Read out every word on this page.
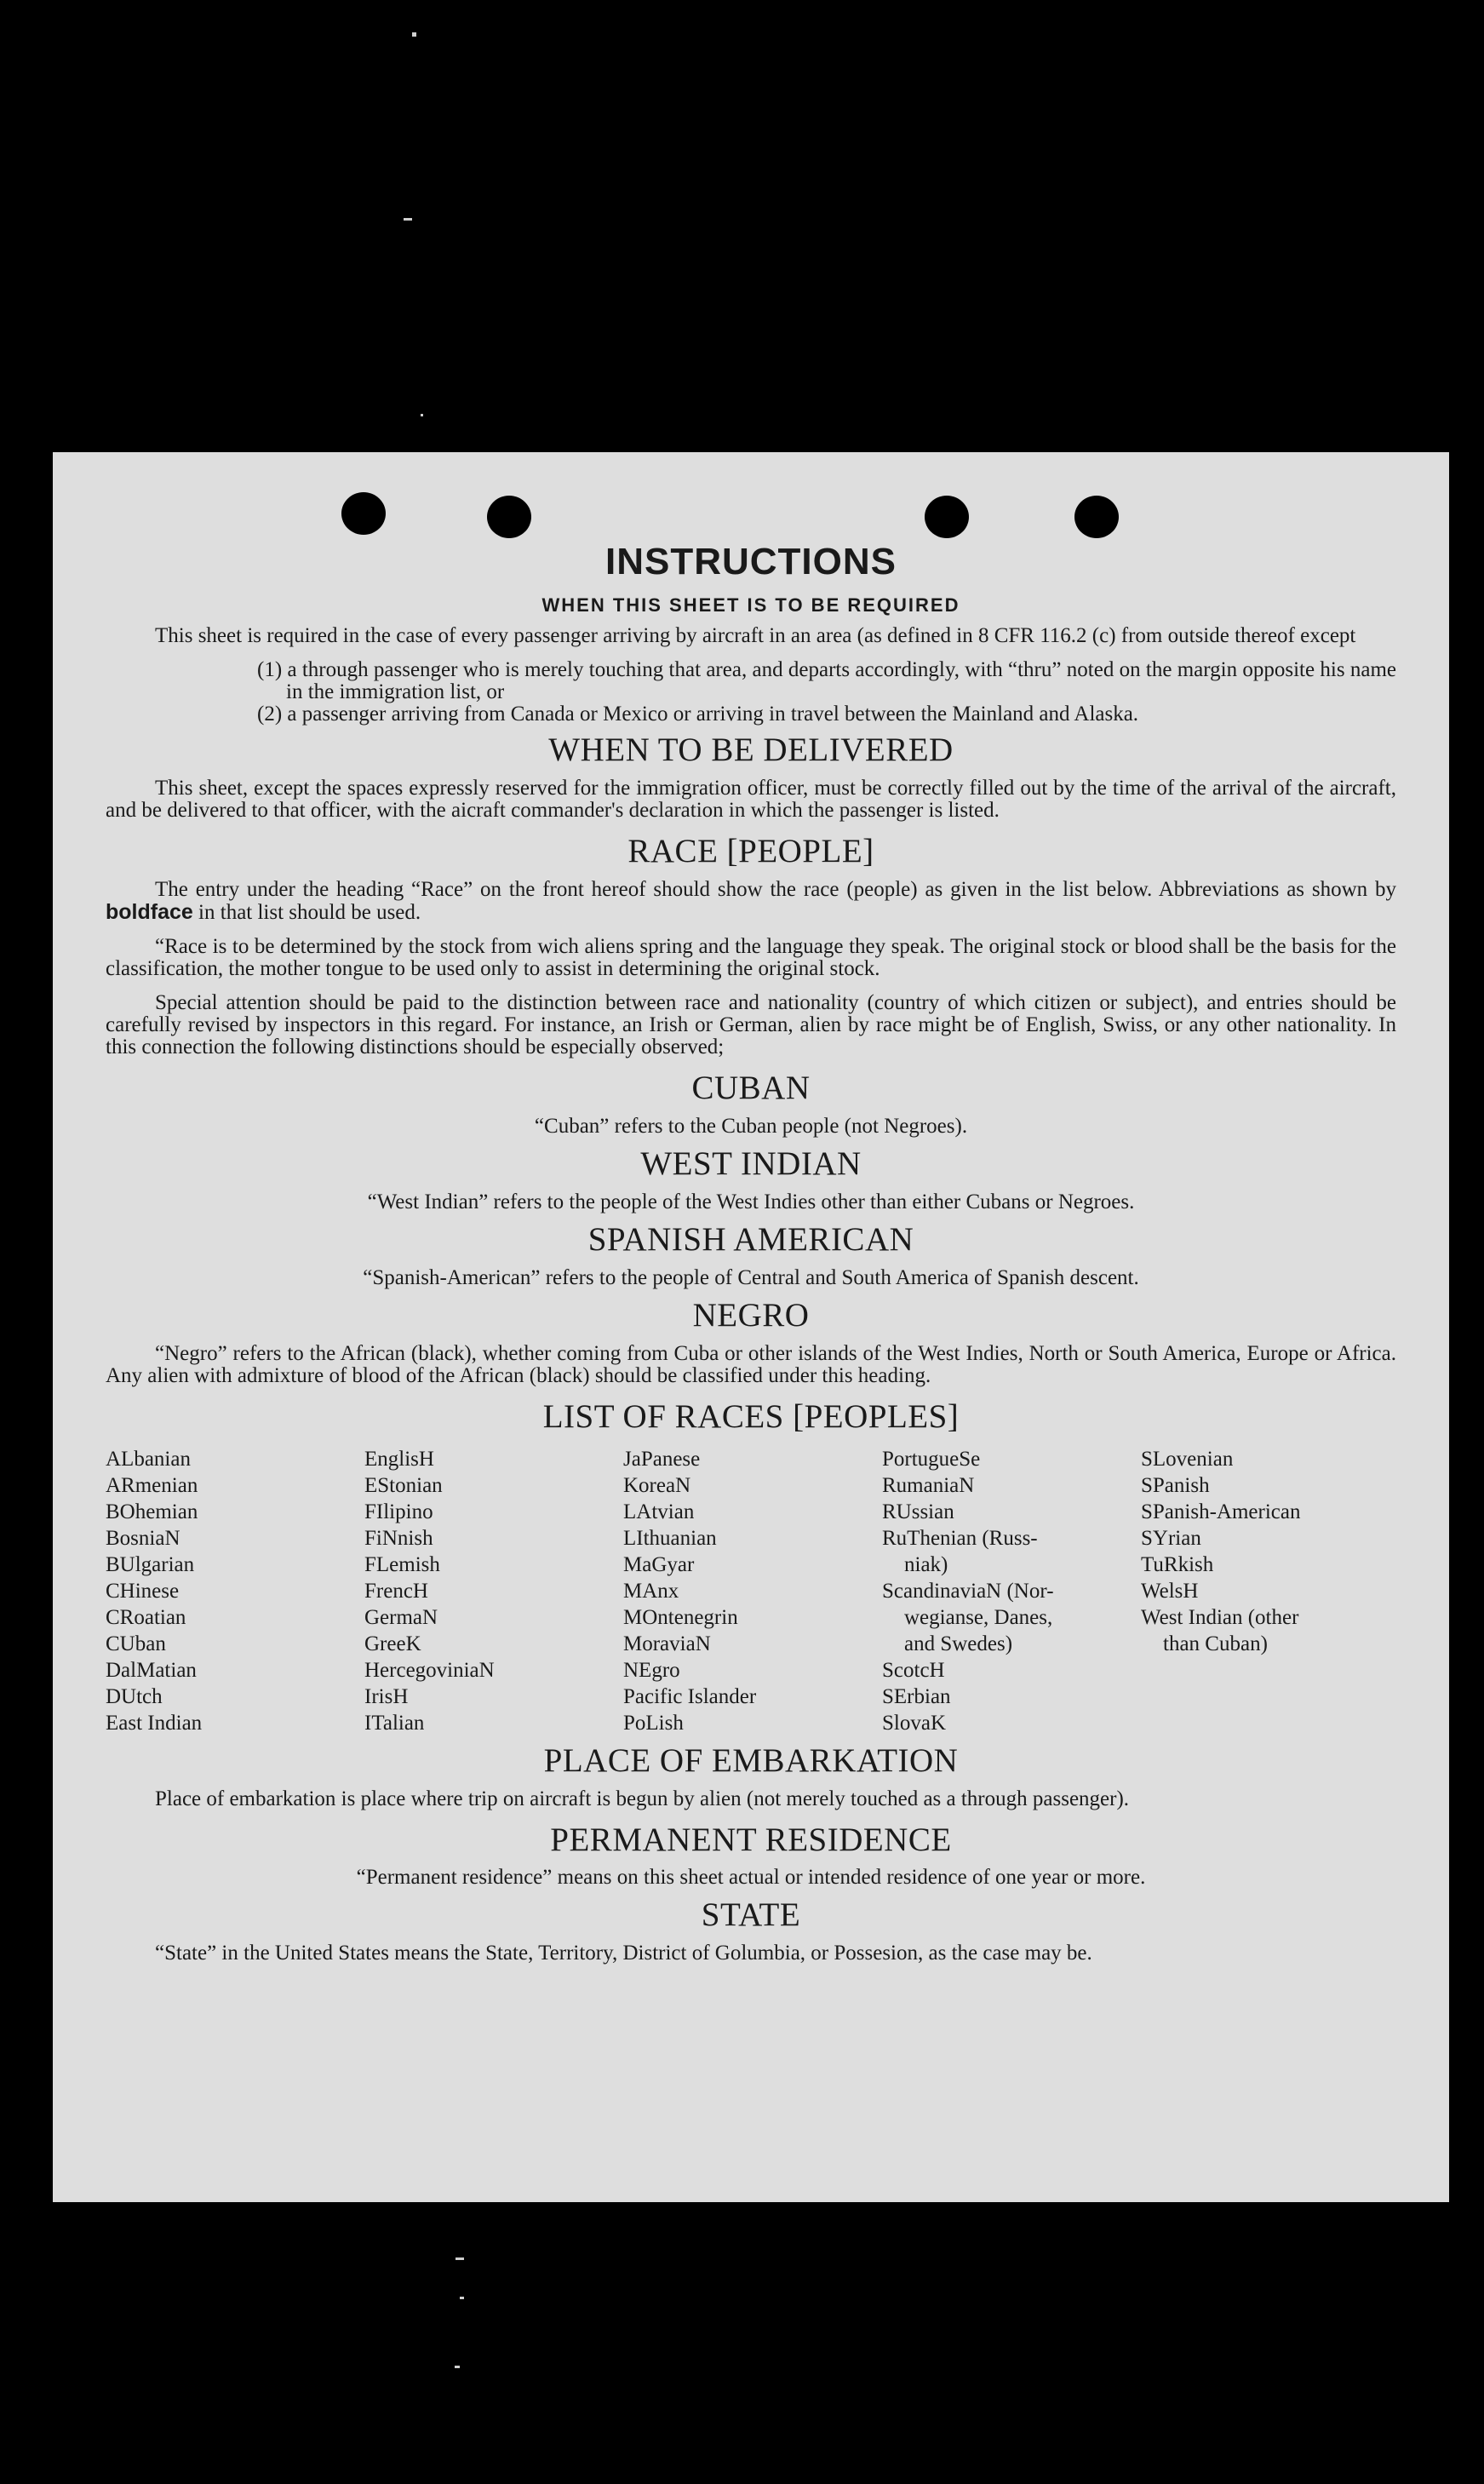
INSTRUCTIONS
WHEN THIS SHEET IS TO BE REQUIRED

This sheet is required in the case of every passenger arriving by aircraft in an area (as defined in 8 CFR 116.2 (c) from outside thereof except

(1) a through passenger who is merely touching that area, and departs accordingly, with “thru” noted on the margin opposite his name in the immigration list, or
(2) a passenger arriving from Canada or Mexico or arriving in travel between the Mainland and Alaska.
WHEN TO BE DELIVERED

This sheet, except the spaces expressly reserved for the immigration officer, must be correctly filled out by the time of the arrival of the aircraft, and be delivered to that officer, with the aicraft commander's declaration in which the passenger is listed.

RACE [PEOPLE]

The entry under the heading “Race” on the front hereof should show the race (people) as given in the list below. Abbreviations as shown by boldface in that list should be used.

“Race is to be determined by the stock from wich aliens spring and the language they speak. The original stock or blood shall be the basis for the classification, the mother tongue to be used only to assist in determining the original stock.

Special attention should be paid to the distinction between race and nationality (country of which citizen or subject), and entries should be carefully revised by inspectors in this regard. For instance, an Irish or German, alien by race might be of English, Swiss, or any other nationality. In this connection the following distinctions should be especially observed;

CUBAN

“Cuban” refers to the Cuban people (not Negroes).

WEST INDIAN

“West Indian” refers to the people of the West Indies other than either Cubans or Negroes.

SPANISH AMERICAN

“Spanish-American” refers to the people of Central and South America of Spanish descent.

NEGRO

“Negro” refers to the African (black), whether coming from Cuba or other islands of the West Indies, North or South America, Europe or Africa. Any alien with admixture of blood of the African (black) should be classified under this heading.

LIST OF RACES [PEOPLES]
ALbanian
ARmenian
BOhemian
BosniaN
BUlgarian
CHinese
CRoatian
CUban
DalMatian
DUtch
East Indian
EnglisH
EStonian
FIlipino
FiNnish
FLemish
FrencH
GermaN
GreeK
HercegoviniaN
IrisH
ITalian
JaPanese
KoreaN
LAtvian
LIthuanian
MaGyar
MAnx
MOntenegrin
MoraviaN
NEgro
Pacific Islander
PoLish
PortugueSe
RumaniaN
RUssian
RuThenian (Russ-
niak)
ScandinaviaN (Nor-
wegianse, Danes,
and Swedes)
ScotcH
SErbian
SlovaK
SLovenian
SPanish
SPanish-American
SYrian
TuRkish
WelsH
West Indian (other
than Cuban)
PLACE OF EMBARKATION

Place of embarkation is place where trip on aircraft is begun by alien (not merely touched as a through passenger).

PERMANENT RESIDENCE

“Permanent residence” means on this sheet actual or intended residence of one year or more.

STATE

“State” in the United States means the State, Territory, District of Golumbia, or Possesion, as the case may be.
